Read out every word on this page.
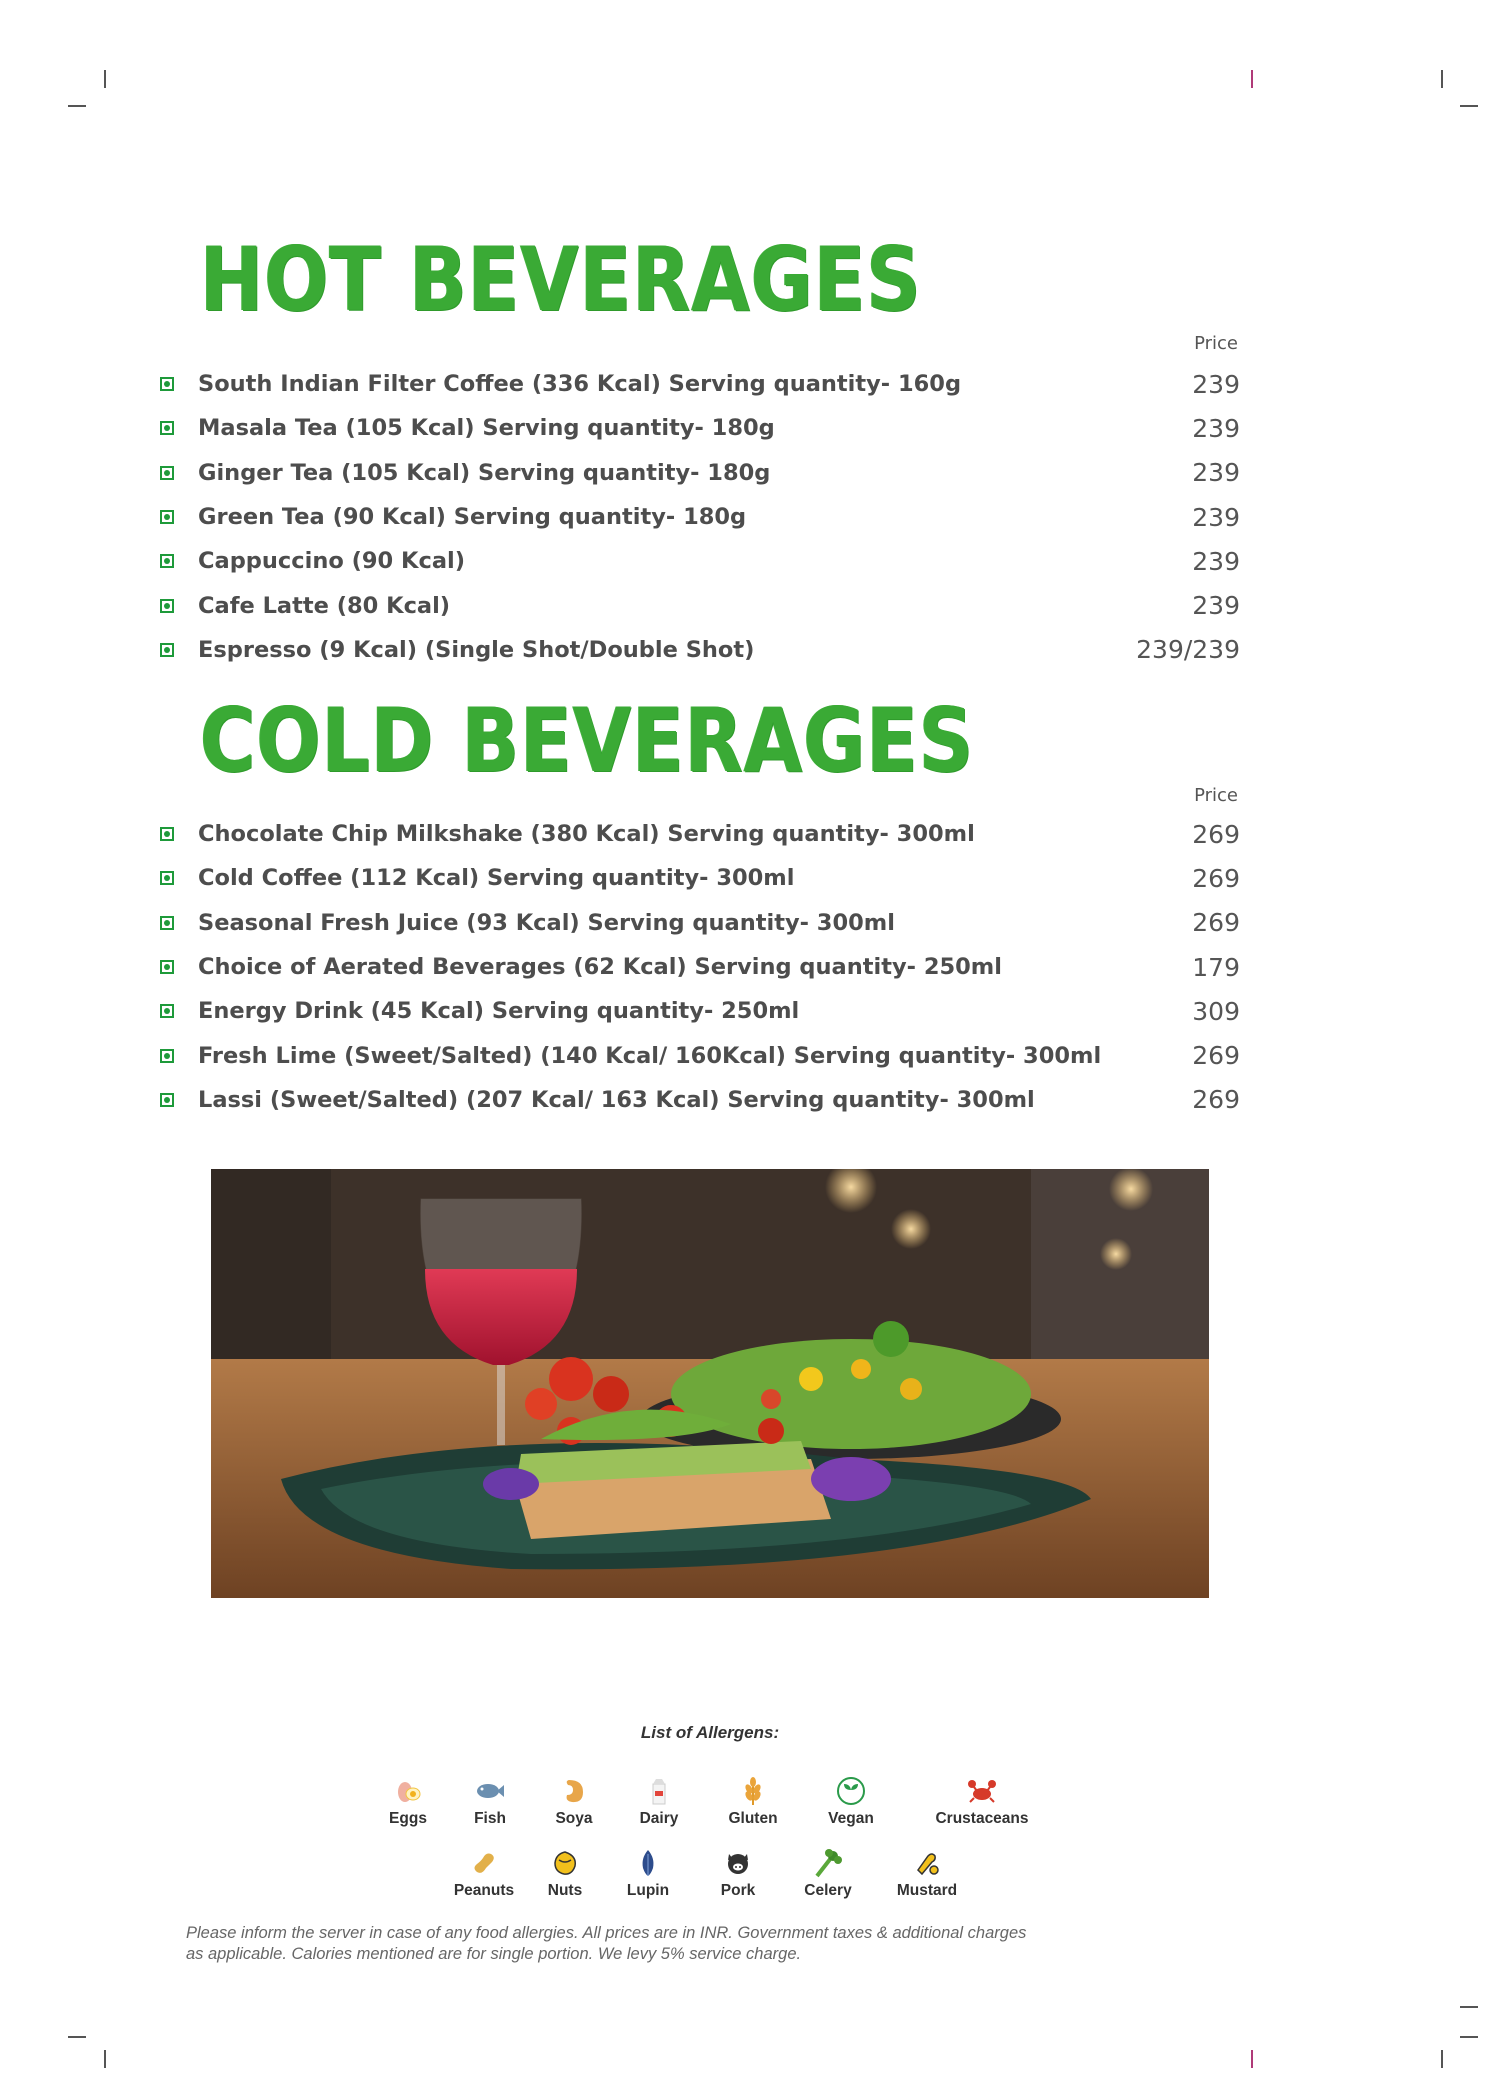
HOT BEVERAGES
Price
South Indian Filter Coffee (336 Kcal) Serving quantity- 160g	239
Masala Tea (105 Kcal) Serving quantity- 180g	239
Ginger Tea (105 Kcal) Serving quantity- 180g	239
Green Tea (90 Kcal) Serving quantity- 180g	239
Cappuccino (90 Kcal)	239
Cafe Latte (80 Kcal)	239
Espresso (9 Kcal) (Single Shot/Double Shot)	239/239
COLD BEVERAGES
Price
Chocolate Chip Milkshake (380 Kcal) Serving quantity- 300ml	269
Cold Coffee (112 Kcal) Serving quantity- 300ml	269
Seasonal Fresh Juice (93 Kcal) Serving quantity- 300ml	269
Choice of Aerated Beverages (62 Kcal) Serving quantity- 250ml	179
Energy Drink (45 Kcal) Serving quantity- 250ml	309
Fresh Lime (Sweet/Salted) (140 Kcal/ 160Kcal) Serving quantity- 300ml	269
Lassi (Sweet/Salted) (207 Kcal/ 163 Kcal) Serving quantity- 300ml	269
List of Allergens:
Eggs	Fish	Soya	Dairy	Gluten	Vegan	Crustaceans
Peanuts	Nuts	Lupin	Pork	Celery	Mustard

Please inform the server in case of any food allergies. All prices are in INR. Government taxes & additional charges
as applicable. Calories mentioned are for single portion. We levy 5% service charge.
